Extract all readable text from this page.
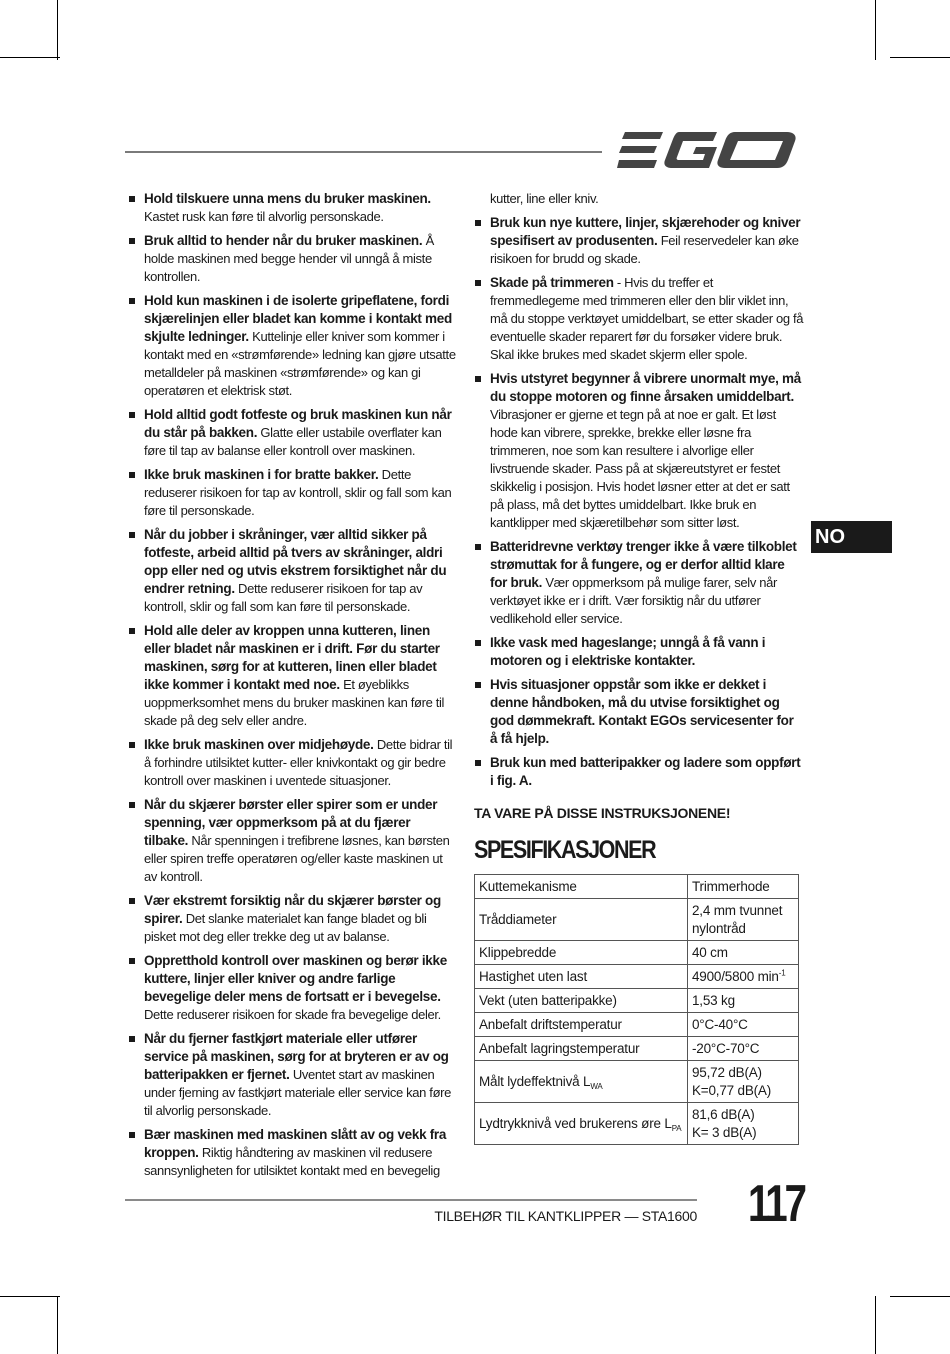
Hold tilskuere unna mens du bruker maskinen. Kastet rusk kan føre til alvorlig personskade.
Bruk alltid to hender når du bruker maskinen. Å holde maskinen med begge hender vil unngå å miste kontrollen.
Hold kun maskinen i de isolerte gripeflatene, fordi skjærelinjen eller bladet kan komme i kontakt med skjulte ledninger. Kuttelinje eller kniver som kommer i kontakt med en «strømførende» ledning kan gjøre utsatte metalldeler på maskinen «strømførende» og kan gi operatøren et elektrisk støt.
Hold alltid godt fotfeste og bruk maskinen kun når du står på bakken. Glatte eller ustabile overflater kan føre til tap av balanse eller kontroll over maskinen.
Ikke bruk maskinen i for bratte bakker. Dette reduserer risikoen for tap av kontroll, sklir og fall som kan føre til personskade.
Når du jobber i skråninger, vær alltid sikker på fotfeste, arbeid alltid på tvers av skråninger, aldri opp eller ned og utvis ekstrem forsiktighet når du endrer retning. Dette reduserer risikoen for tap av kontroll, sklir og fall som kan føre til personskade.
Hold alle deler av kroppen unna kutteren, linen eller bladet når maskinen er i drift. Før du starter maskinen, sørg for at kutteren, linen eller bladet ikke kommer i kontakt med noe. Et øyeblikks uoppmerksomhet mens du bruker maskinen kan føre til skade på deg selv eller andre.
Ikke bruk maskinen over midjehøyde. Dette bidrar til å forhindre utilsiktet kutter- eller knivkontakt og gir bedre kontroll over maskinen i uventede situasjoner.
Når du skjærer børster eller spirer som er under spenning, vær oppmerksom på at du fjærer tilbake. Når spenningen i trefibrene løsnes, kan børsten eller spiren treffe operatøren og/eller kaste maskinen ut av kontroll.
Vær ekstremt forsiktig når du skjærer børster og spirer. Det slanke materialet kan fange bladet og bli pisket mot deg eller trekke deg ut av balanse.
Oppretthold kontroll over maskinen og berør ikke kuttere, linjer eller kniver og andre farlige bevegelige deler mens de fortsatt er i bevegelse. Dette reduserer risikoen for skade fra bevegelige deler.
Når du fjerner fastkjørt materiale eller utfører service på maskinen, sørg for at bryteren er av og batteripakken er fjernet. Uventet start av maskinen under fjerning av fastkjørt materiale eller service kan føre til alvorlig personskade.
Bær maskinen med maskinen slått av og vekk fra kroppen. Riktig håndtering av maskinen vil redusere sannsynligheten for utilsiktet kontakt med en bevegelig

kutter, line eller kniv.

Bruk kun nye kuttere, linjer, skjærehoder og kniver spesifisert av produsenten. Feil reservedeler kan øke risikoen for brudd og skade.
Skade på trimmeren - Hvis du treffer et fremmedlegeme med trimmeren eller den blir viklet inn, må du stoppe verktøyet umiddelbart, se etter skader og få eventuelle skader reparert før du forsøker videre bruk. Skal ikke brukes med skadet skjerm eller spole.
Hvis utstyret begynner å vibrere unormalt mye, må du stoppe motoren og finne årsaken umiddelbart. Vibrasjoner er gjerne et tegn på at noe er galt. Et løst hode kan vibrere, sprekke, brekke eller løsne fra trimmeren, noe som kan resultere i alvorlige eller livstruende skader. Pass på at skjæreutstyret er festet skikkelig i posisjon. Hvis hodet løsner etter at det er satt på plass, må det byttes umiddelbart. Ikke bruk en kantklipper med skjæretilbehør som sitter løst.
Batteridrevne verktøy trenger ikke å være tilkoblet strømuttak for å fungere, og er derfor alltid klare for bruk. Vær oppmerksom på mulige farer, selv når verktøyet ikke er i drift. Vær forsiktig når du utfører vedlikehold eller service.
Ikke vask med hageslange; unngå å få vann i motoren og i elektriske kontakter.
Hvis situasjoner oppstår som ikke er dekket i denne håndboken, må du utvise forsiktighet og god dømmekraft. Kontakt EGOs servicesenter for å få hjelp.
Bruk kun med batteripakker og ladere som oppført i fig. A.

TA VARE PÅ DISSE INSTRUKSJONENE!

SPESIFIKASJONER
Kuttemekanisme	Trimmerhode
Tråddiameter	2,4 mm tvunnet
nylontråd
Klippebredde	40 cm
Hastighet uten last	4900/5800 $\min^{-1}$
Vekt (uten batteripakke)	1,53 kg
Anbefalt driftstemperatur	0°C-40°C
Anbefalt lagringstemperatur	-20°C-70°C
Målt lydeffektnivå $L_{WA}$	95,72 dB(A)
K=0,77 dB(A)
Lydtrykknivå ved brukerens øre $L_{PA}$	81,6 dB(A)
K= 3 dB(A)
NO
TILBEHØR TIL KANTKLIPPER — STA1600 117
